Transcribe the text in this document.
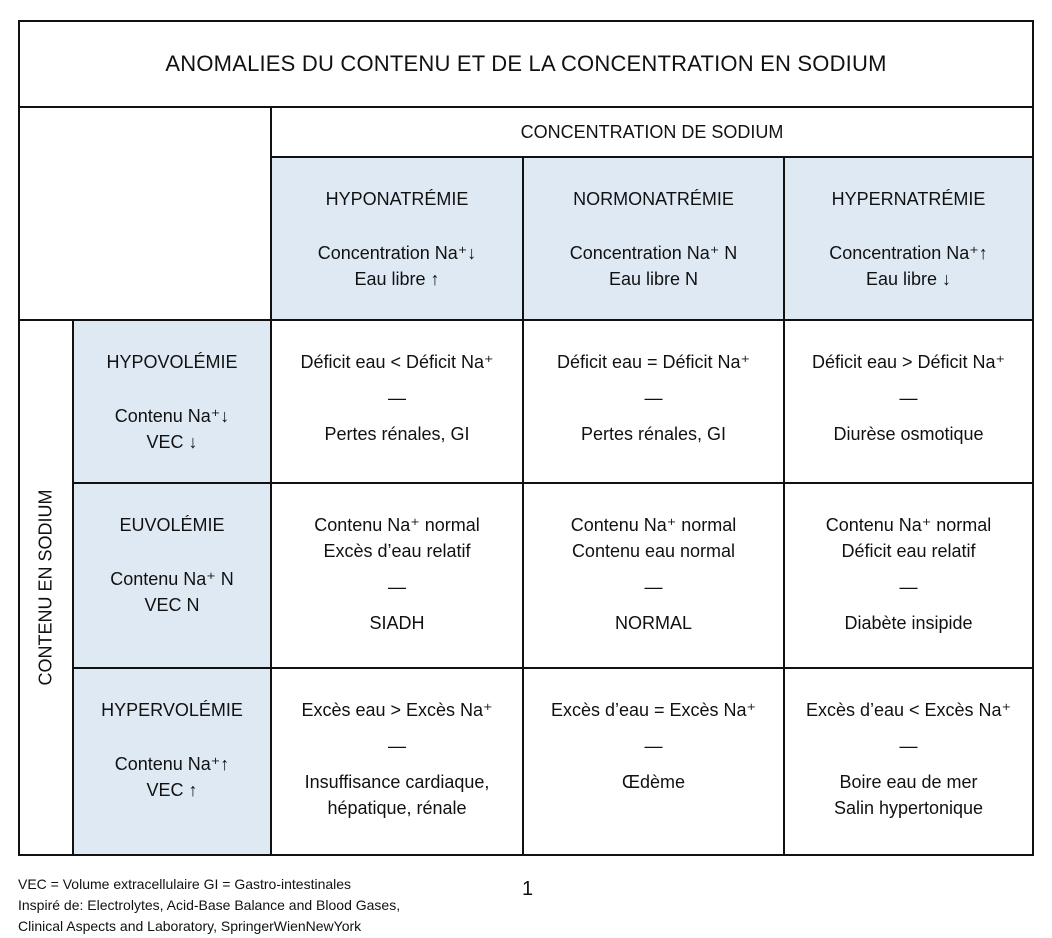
ANOMALIES DU CONTENU ET DE LA CONCENTRATION EN SODIUM
CONCENTRATION DE SODIUM
HYPONATRÉMIE
Concentration Na⁺↓
Eau libre ↑
NORMONATRÉMIE
Concentration Na⁺ N
Eau libre N
HYPERNATRÉMIE
Concentration Na⁺↑
Eau libre ↓
CONTENU EN SODIUM
HYPOVOLÉMIE
Contenu Na⁺↓
VEC ↓
EUVOLÉMIE
Contenu Na⁺ N
VEC N
HYPERVOLÉMIE
Contenu Na⁺↑
VEC ↑
Déficit eau < Déficit Na⁺
—
Pertes rénales, GI
Déficit eau = Déficit Na⁺
—
Pertes rénales, GI
Déficit eau > Déficit Na⁺
—
Diurèse osmotique
Contenu Na⁺ normal
Excès d’eau relatif
—
SIADH
Contenu Na⁺ normal
Contenu eau normal
—
NORMAL
Contenu Na⁺ normal
Déficit eau relatif
—
Diabète insipide
Excès eau > Excès Na⁺
—
Insuffisance cardiaque,
hépatique, rénale
Excès d’eau = Excès Na⁺
—
Œdème
Excès d’eau < Excès Na⁺
—
Boire eau de mer
Salin hypertonique
VEC = Volume extracellulaire GI = Gastro-intestinales
Inspiré de: Electrolytes, Acid-Base Balance and Blood Gases,
Clinical Aspects and Laboratory, SpringerWienNewYork
1
